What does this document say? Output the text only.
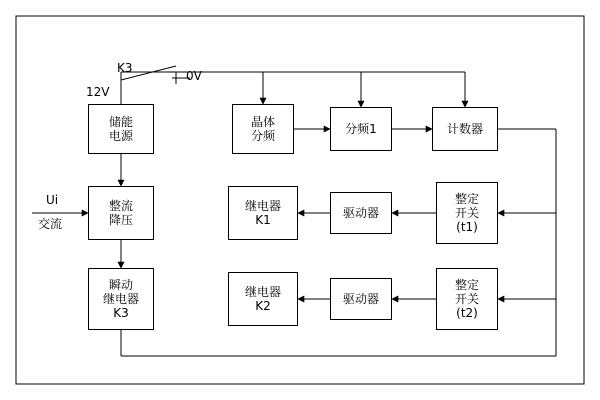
储能
电源
晶体
分频	分频1	计数器
整流
降压
继电器
K1	驱动器
整定
开关
(t1)
瞬动
继电器
K3
继电器
K2	驱动器
整定
开关
(t2)
K3
0V
12V
Ui
交流
